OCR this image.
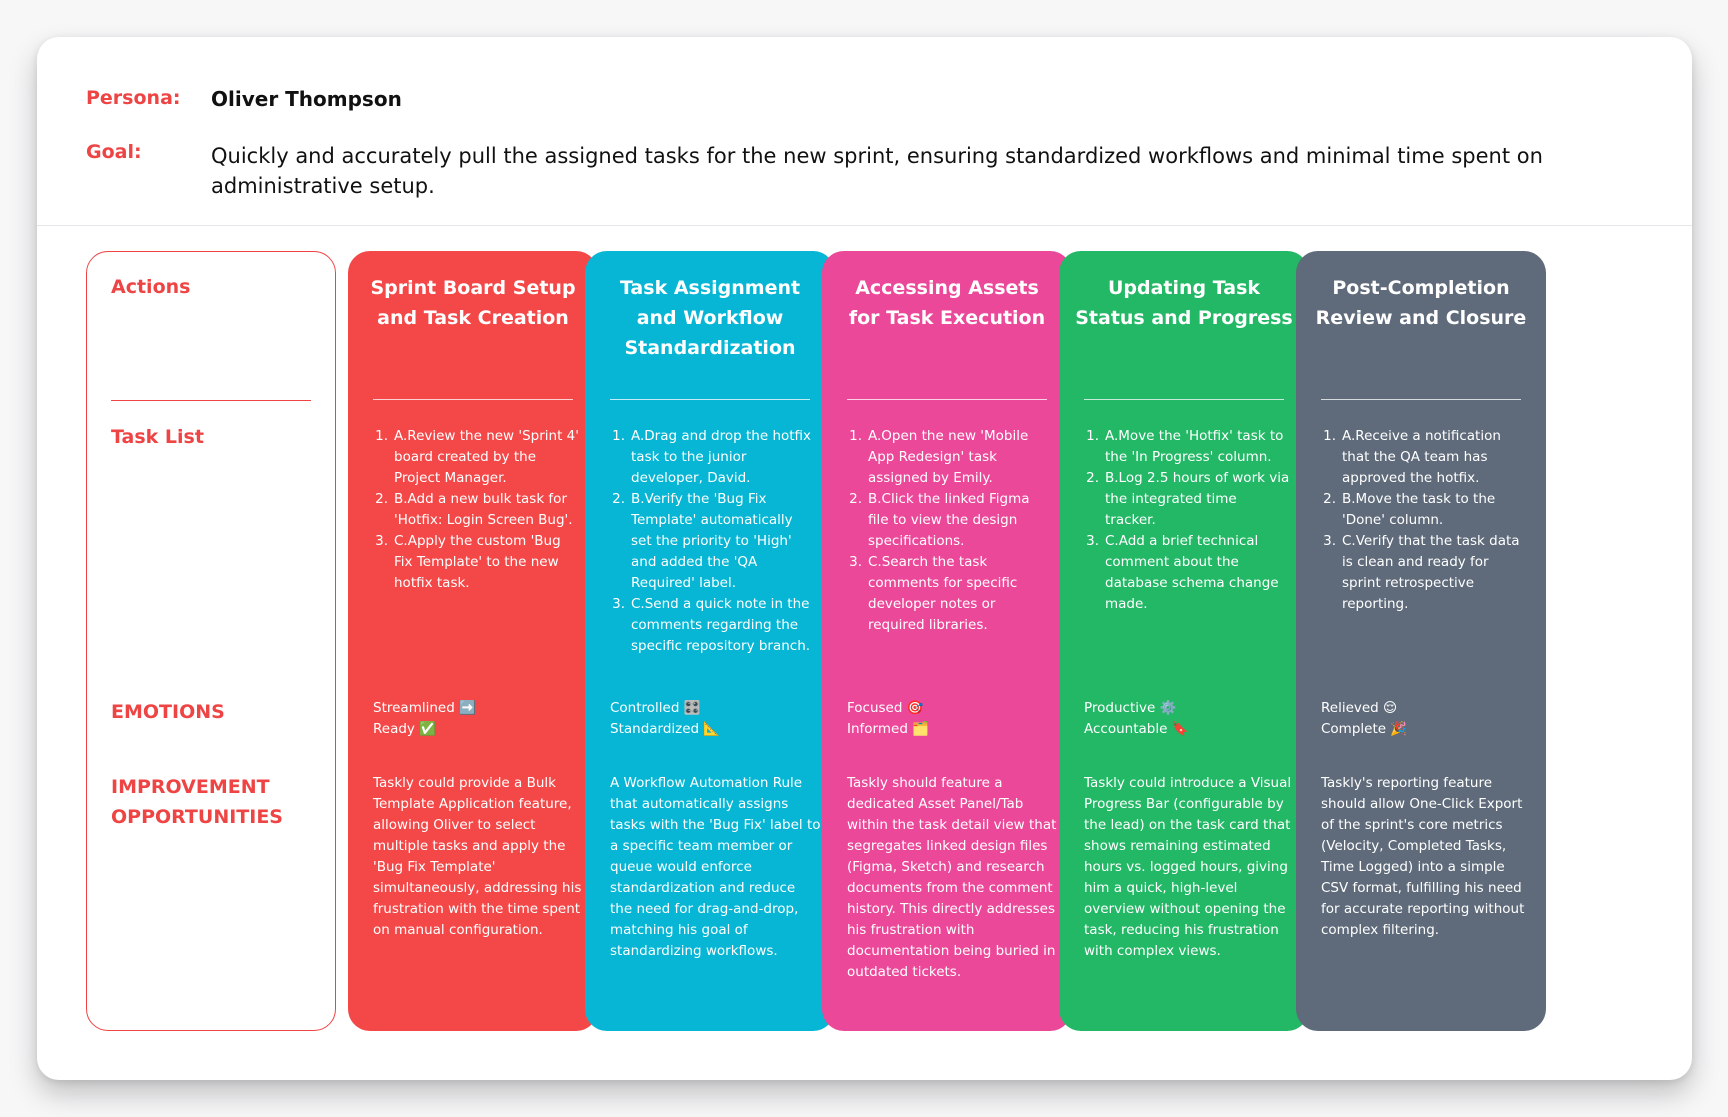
Persona:	Oliver Thompson
Goal:	Quickly and accurately pull the assigned tasks for the new sprint, ensuring standardized workflows and minimal time spent on administrative setup.
Actions
Task List
EMOTIONS
IMPROVEMENT OPPORTUNITIES
Sprint Board Setup and Task Creation
1. A.Review the new 'Sprint 4' board created by the Project Manager.
2. B.Add a new bulk task for 'Hotfix: Login Screen Bug'.
3. C.Apply the custom 'Bug Fix Template' to the new hotfix task.
Streamlined ➡️
Ready ✅
Taskly could provide a Bulk Template Application feature, allowing Oliver to select multiple tasks and apply the 'Bug Fix Template' simultaneously, addressing his frustration with the time spent on manual configuration.
Task Assignment and Workflow Standardization
1. A.Drag and drop the hotfix task to the junior developer, David.
2. B.Verify the 'Bug Fix Template' automatically set the priority to 'High' and added the 'QA Required' label.
3. C.Send a quick note in the comments regarding the specific repository branch.
Controlled 🎛️
Standardized 📐
A Workflow Automation Rule that automatically assigns tasks with the 'Bug Fix' label to a specific team member or queue would enforce standardization and reduce the need for drag-and-drop, matching his goal of standardizing workflows.
Accessing Assets for Task Execution
1. A.Open the new 'Mobile App Redesign' task assigned by Emily.
2. B.Click the linked Figma file to view the design specifications.
3. C.Search the task comments for specific developer notes or required libraries.
Focused 🎯
Informed 🗂️
Taskly should feature a dedicated Asset Panel/Tab within the task detail view that segregates linked design files (Figma, Sketch) and research documents from the comment history. This directly addresses his frustration with documentation being buried in outdated tickets.
Updating Task Status and Progress
1. A.Move the 'Hotfix' task to the 'In Progress' column.
2. B.Log 2.5 hours of work via the integrated time tracker.
3. C.Add a brief technical comment about the database schema change made.
Productive ⚙️
Accountable 🔖
Taskly could introduce a Visual Progress Bar (configurable by the lead) on the task card that shows remaining estimated hours vs. logged hours, giving him a quick, high-level overview without opening the task, reducing his frustration with complex views.
Post-Completion Review and Closure
1. A.Receive a notification that the QA team has approved the hotfix.
2. B.Move the task to the 'Done' column.
3. C.Verify that the task data is clean and ready for sprint retrospective reporting.
Relieved 😌
Complete 🎉
Taskly's reporting feature should allow One-Click Export of the sprint's core metrics (Velocity, Completed Tasks, Time Logged) into a simple CSV format, fulfilling his need for accurate reporting without complex filtering.
